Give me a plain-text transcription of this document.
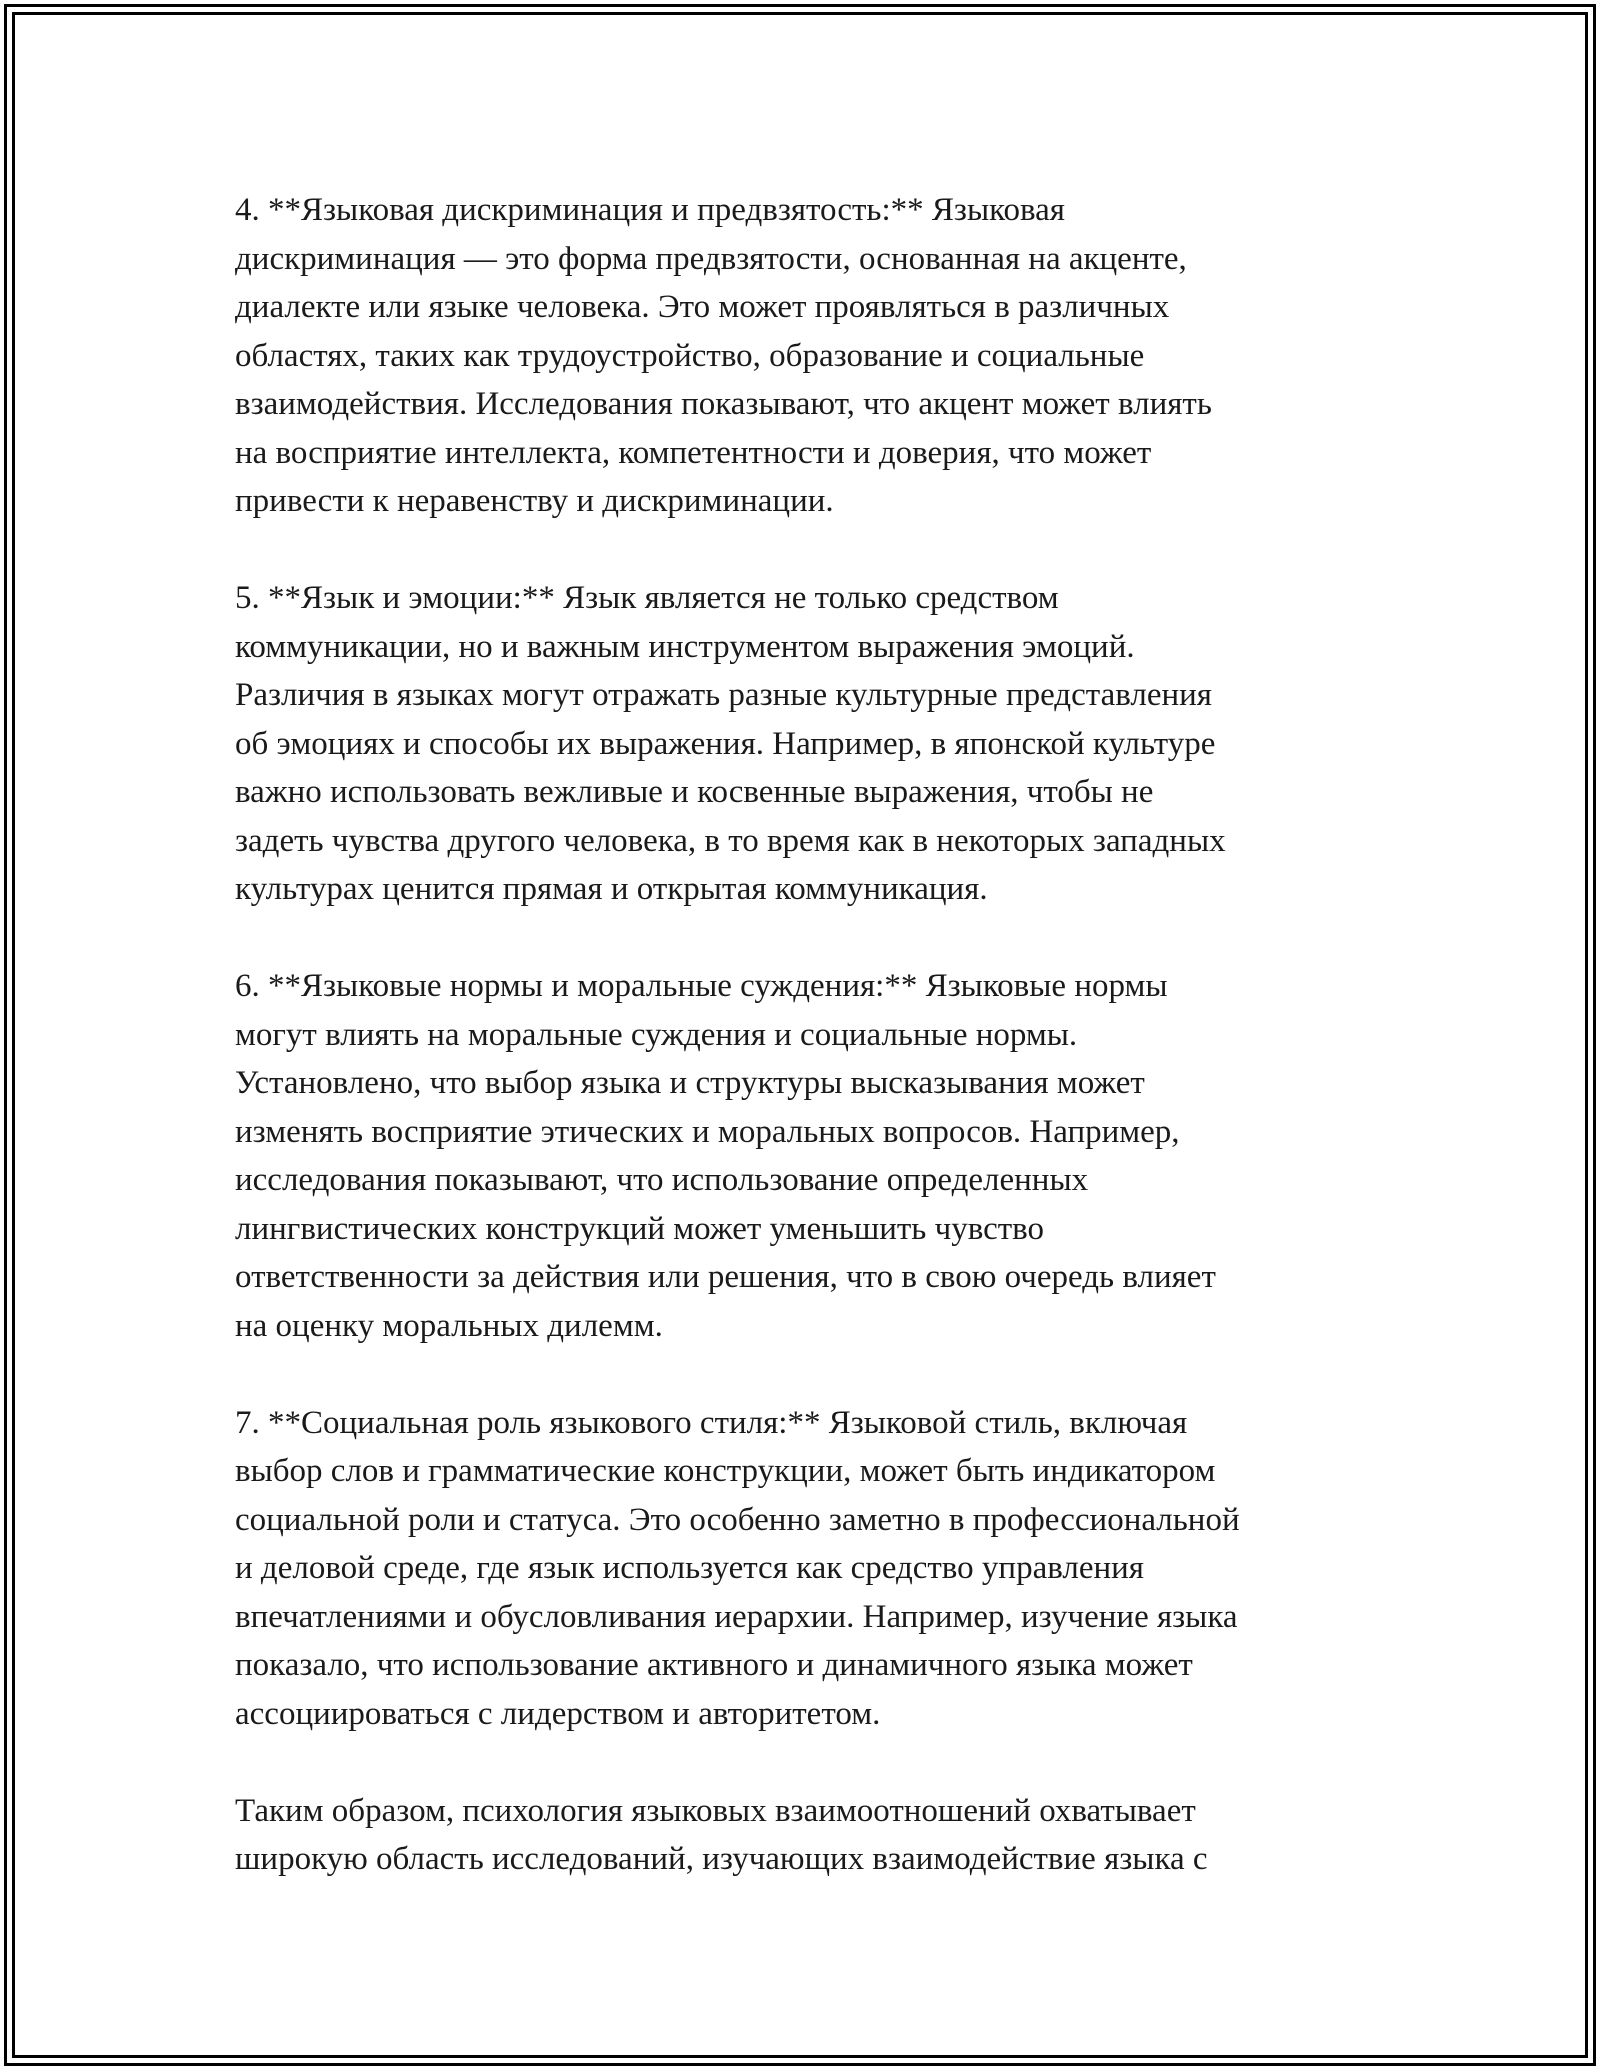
4. **Языковая дискриминация и предвзятость:** Языковая
дискриминация — это форма предвзятости, основанная на акценте,
диалекте или языке человека. Это может проявляться в различных
областях, таких как трудоустройство, образование и социальные
взаимодействия. Исследования показывают, что акцент может влиять
на восприятие интеллекта, компетентности и доверия, что может
привести к неравенству и дискриминации.

5. **Язык и эмоции:** Язык является не только средством
коммуникации, но и важным инструментом выражения эмоций.
Различия в языках могут отражать разные культурные представления
об эмоциях и способы их выражения. Например, в японской культуре
важно использовать вежливые и косвенные выражения, чтобы не
задеть чувства другого человека, в то время как в некоторых западных
культурах ценится прямая и открытая коммуникация.

6. **Языковые нормы и моральные суждения:** Языковые нормы
могут влиять на моральные суждения и социальные нормы.
Установлено, что выбор языка и структуры высказывания может
изменять восприятие этических и моральных вопросов. Например,
исследования показывают, что использование определенных
лингвистических конструкций может уменьшить чувство
ответственности за действия или решения, что в свою очередь влияет
на оценку моральных дилемм.

7. **Социальная роль языкового стиля:** Языковой стиль, включая
выбор слов и грамматические конструкции, может быть индикатором
социальной роли и статуса. Это особенно заметно в профессиональной
и деловой среде, где язык используется как средство управления
впечатлениями и обусловливания иерархии. Например, изучение языка
показало, что использование активного и динамичного языка может
ассоциироваться с лидерством и авторитетом.

Таким образом, психология языковых взаимоотношений охватывает
широкую область исследований, изучающих взаимодействие языка с
